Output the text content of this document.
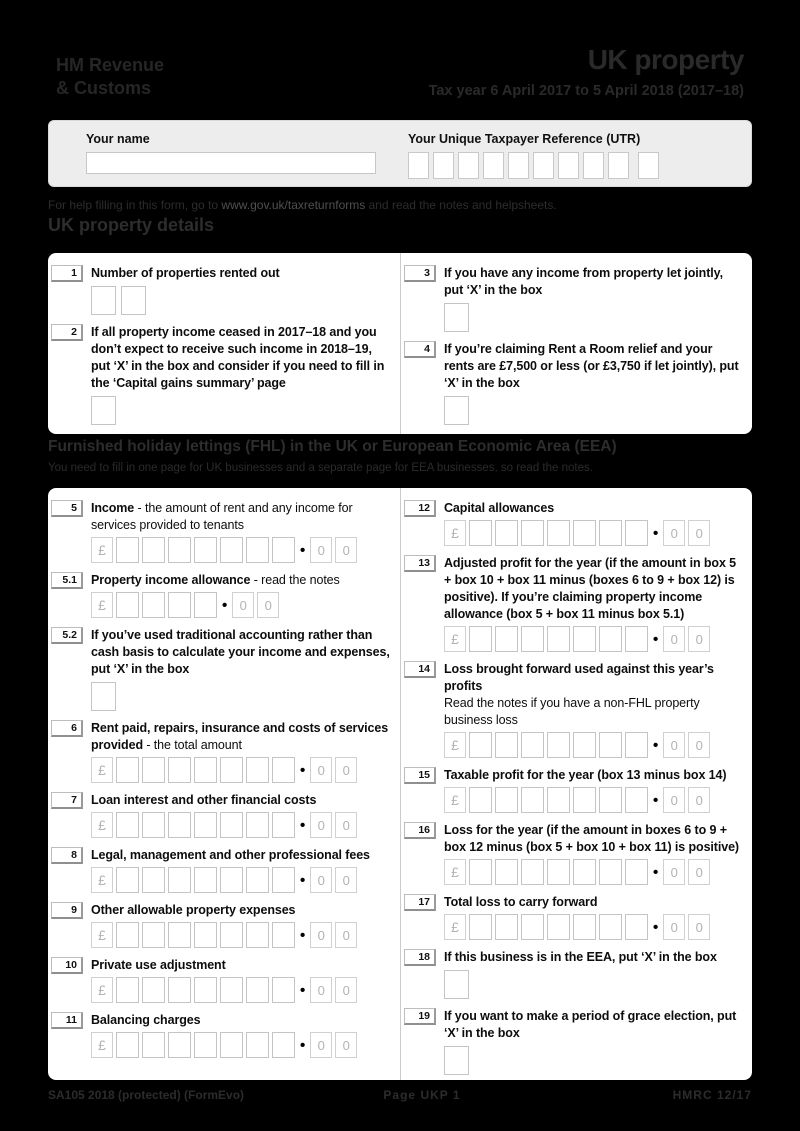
HM Revenue
& Customs
UK property
Tax year 6 April 2017 to 5 April 2018 (2017–18)
Your name	Your Unique Taxpayer Reference (UTR)

For help filling in this form, go to www.gov.uk/taxreturnforms and read the notes and helpsheets.

UK property details
1	Number of properties rented out
2	If all property income ceased in 2017–18 and you don’t expect to receive such income in 2018–19, put ‘X’ in the box and consider if you need to fill in the ‘Capital gains summary’ page
3	If you have any income from property let jointly, put ‘X’ in the box
4	If you’re claiming Rent a Room relief and your rents are £7,500 or less (or £3,750 if let jointly), put ‘X’ in the box
Furnished holiday lettings (FHL) in the UK or European Economic Area (EEA)

You need to fill in one page for UK businesses and a separate page for EEA businesses, so read the notes.

5	Income - the amount of rent and any income for services provided to tenants
£	• 0	0
5.1	Property income allowance - read the notes
£	• 0	0
5.2	If you’ve used traditional accounting rather than cash basis to calculate your income and expenses, put ‘X’ in the box
6	Rent paid, repairs, insurance and costs of services provided - the total amount
£	• 0	0
7	Loan interest and other financial costs
£	• 0	0
8	Legal, management and other professional fees
£	• 0	0
9	Other allowable property expenses
£	• 0	0
10	Private use adjustment
£	• 0	0
11	Balancing charges
£	• 0	0
12	Capital allowances
£	• 0	0
13	Adjusted profit for the year (if the amount in box 5 + box 10 + box 11 minus (boxes 6 to 9 + box 12) is positive). If you’re claiming property income allowance (box 5 + box 11 minus box 5.1)
£	• 0	0
14	Loss brought forward used against this year’s profits
Read the notes if you have a non-FHL property business loss
£	• 0	0
15	Taxable profit for the year (box 13 minus box 14)
£	• 0	0
16	Loss for the year (if the amount in boxes 6 to 9 + box 12 minus (box 5 + box 10 + box 11) is positive)
£	• 0	0
17	Total loss to carry forward
£	• 0	0
18	If this business is in the EEA, put ‘X’ in the box
19	If you want to make a period of grace election, put ‘X’ in the box
SA105 2018 (protected) (FormEvo)	Page UKP 1	HMRC 12/17
